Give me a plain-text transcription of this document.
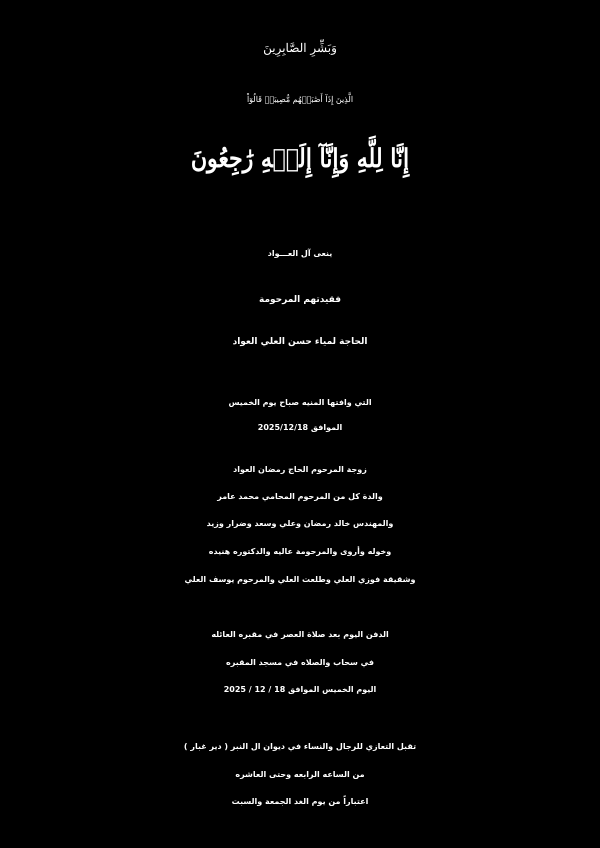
وَبَشِّرِ الصَّابِرِينَ
الَّذِينَ إِذَآ أَصَٰبَتۡهُم مُّصِيبَةٞ قَالُوٓاْ
إِنَّا لِلَّهِ وَإِنَّآ إِلَيۡهِ رَٰجِعُونَ
ينعى آل العـــواد
فقيدتهم المرحومة
الحاجة لمياء حسن العلي العواد
التي وافتها المنيه صباح يوم الخميس
الموافق 2025/12/18
زوجة المرحوم الحاج رمضان العواد
والدة كل من المرحوم المحامي محمد عامر
والمهندس خالد رمضان وعلي وسعد وضرار وزيد
وخوله وأروى والمرحومة عاليه والدكتوره هنيده
وشقيقة فوزي العلي وطلعت العلي والمرحوم يوسف العلي
الدفن اليوم بعد صلاة العصر في مقبره العائله
في سحاب والصلاه في مسجد المقبره
اليوم الخميس الموافق 18 / 12 / 2025
تقبل التعازي للرجال والنساء في ديوان ال النبر ( دير غبار )
من الساعه الرابعه وحتى العاشره
اعتباراً من يوم الغد الجمعة والسبت
